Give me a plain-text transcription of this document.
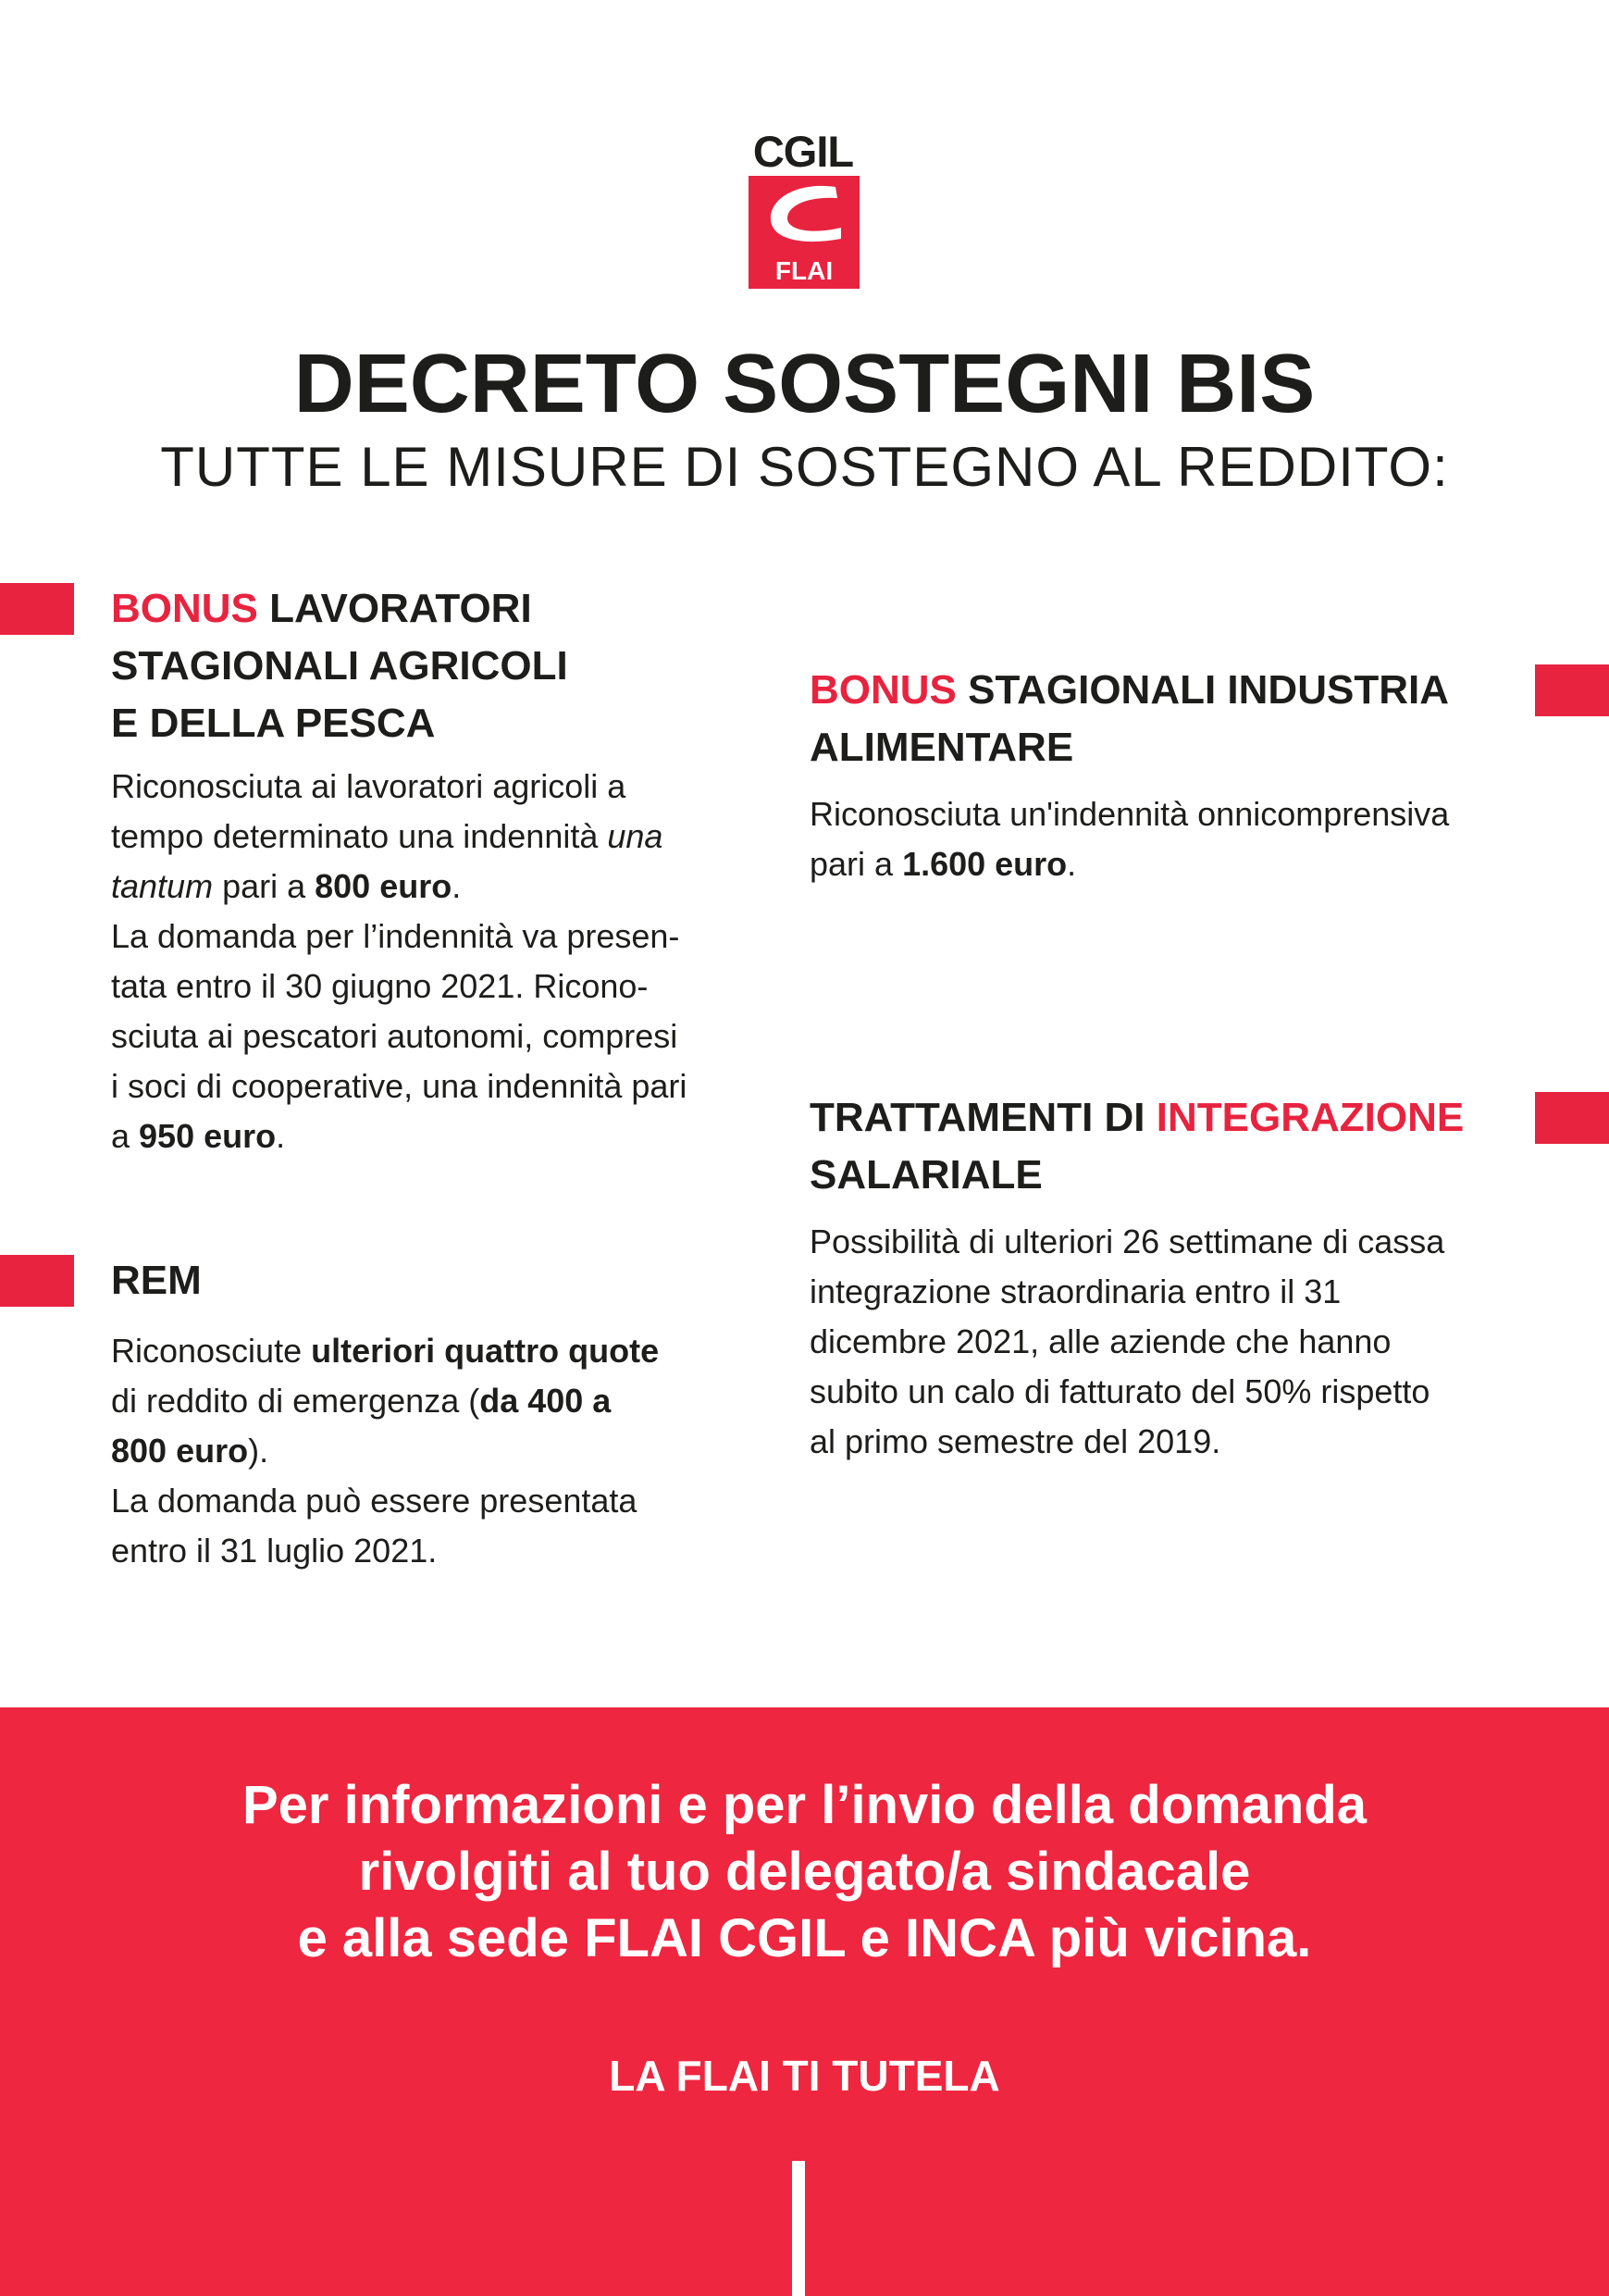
CGIL
FLAI
DECRETO SOSTEGNI BIS
TUTTE LE MISURE DI SOSTEGNO AL REDDITO:
BONUS LAVORATORI
STAGIONALI AGRICOLI
E DELLA PESCA

Riconosciuta ai lavoratori agricoli a
tempo determinato una indennità una
tantum pari a 800 euro.
La domanda per l’indennità va presen-
tata entro il 30 giugno 2021. Ricono-
sciuta ai pescatori autonomi, compresi
i soci di cooperative, una indennità pari
a 950 euro.

REM

Riconosciute ulteriori quattro quote
di reddito di emergenza (da 400 a
800 euro).
La domanda può essere presentata
entro il 31 luglio 2021.

BONUS STAGIONALI INDUSTRIA
ALIMENTARE

Riconosciuta un'indennità onnicomprensiva
pari a 1.600 euro.

TRATTAMENTI DI INTEGRAZIONE
SALARIALE

Possibilità di ulteriori 26 settimane di cassa
integrazione straordinaria entro il 31
dicembre 2021, alle aziende che hanno
subito un calo di fatturato del 50% rispetto
al primo semestre del 2019.

Per informazioni e per l’invio della domanda
rivolgiti al tuo delegato/a sindacale
e alla sede FLAI CGIL e INCA più vicina.
LA FLAI TI TUTELA
